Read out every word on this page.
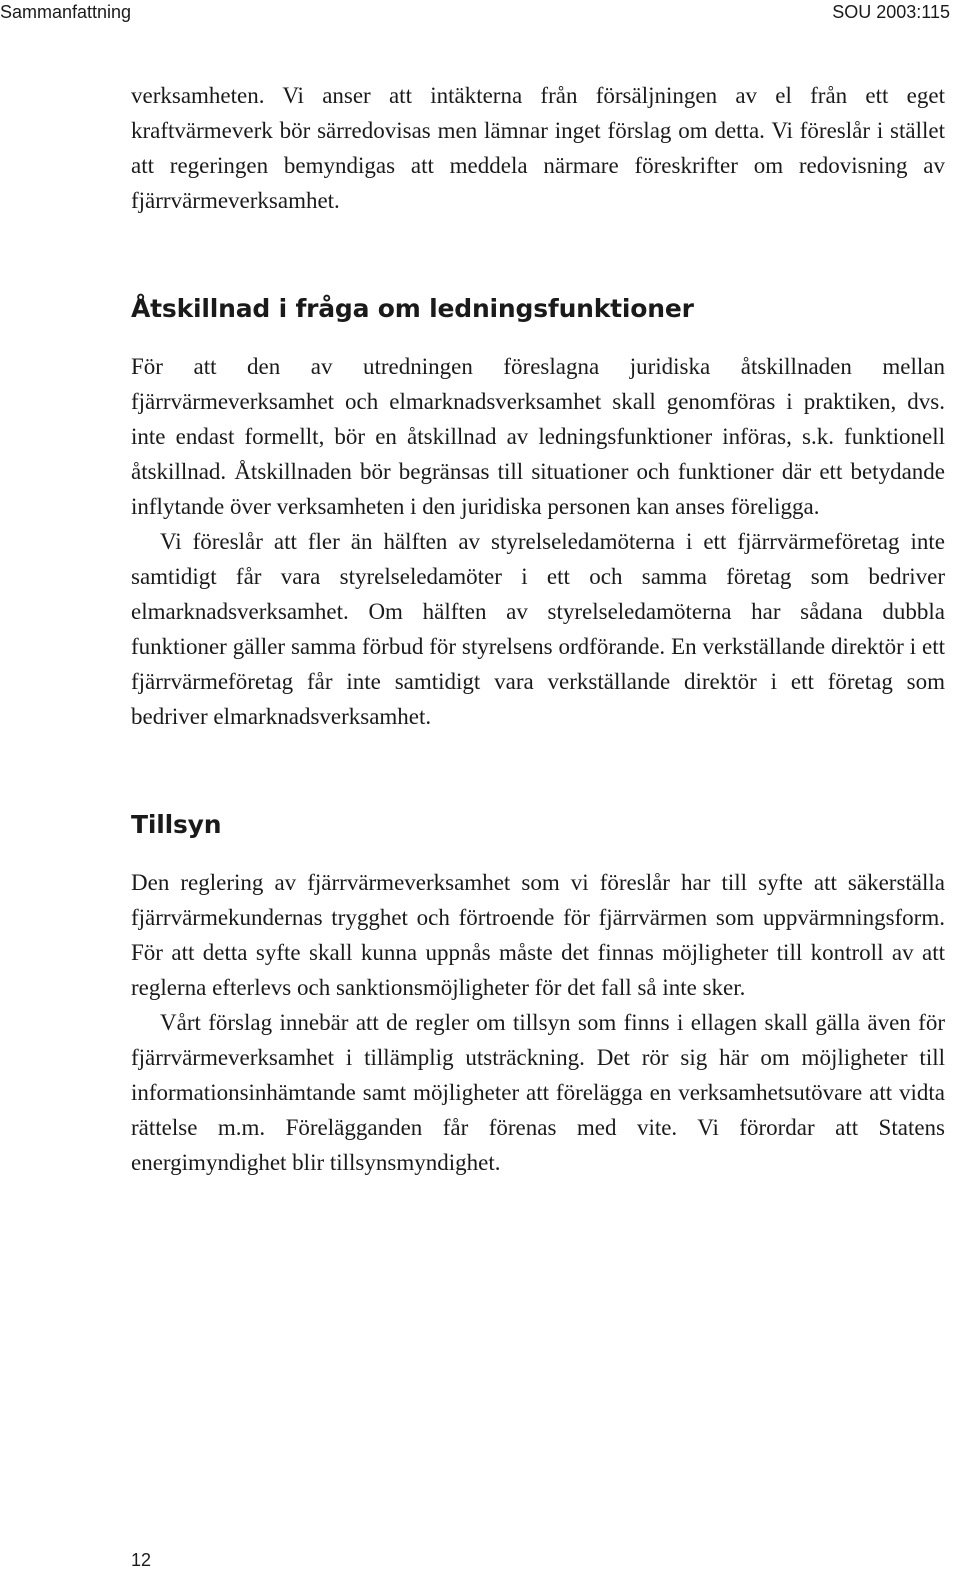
Sammanfattning	SOU 2003:115

verksamheten. Vi anser att intäkterna från försäljningen av el från ett eget kraftvärmeverk bör särredovisas men lämnar inget förslag om detta. Vi föreslår i stället att regeringen bemyndigas att meddela närmare föreskrifter om redovisning av fjärrvärmeverksamhet.

Åtskillnad i fråga om ledningsfunktioner

För att den av utredningen föreslagna juridiska åtskillnaden mellan fjärrvärmeverksamhet och elmarknadsverksamhet skall genomföras i praktiken, dvs. inte endast formellt, bör en åtskillnad av ledningsfunktioner införas, s.k. funktionell åtskillnad. Åtskillnaden bör begränsas till situationer och funktioner där ett betydande inflytande över verksamheten i den juridiska personen kan anses föreligga.

Vi föreslår att fler än hälften av styrelseledamöterna i ett fjärrvärmeföretag inte samtidigt får vara styrelseledamöter i ett och samma företag som bedriver elmarknadsverksamhet. Om hälften av styrelseledamöterna har sådana dubbla funktioner gäller samma förbud för styrelsens ordförande. En verkställande direktör i ett fjärrvärmeföretag får inte samtidigt vara verkställande direktör i ett företag som bedriver elmarknadsverksamhet.

Tillsyn

Den reglering av fjärrvärmeverksamhet som vi föreslår har till syfte att säkerställa fjärrvärmekundernas trygghet och förtroende för fjärrvärmen som uppvärmningsform. För att detta syfte skall kunna uppnås måste det finnas möjligheter till kontroll av att reglerna efterlevs och sanktionsmöjligheter för det fall så inte sker.

Vårt förslag innebär att de regler om tillsyn som finns i ellagen skall gälla även för fjärrvärmeverksamhet i tillämplig utsträckning. Det rör sig här om möjligheter till informationsinhämtande samt möjligheter att förelägga en verksamhetsutövare att vidta rättelse m.m. Förelägganden får förenas med vite. Vi förordar att Statens energimyndighet blir tillsynsmyndighet.

12
